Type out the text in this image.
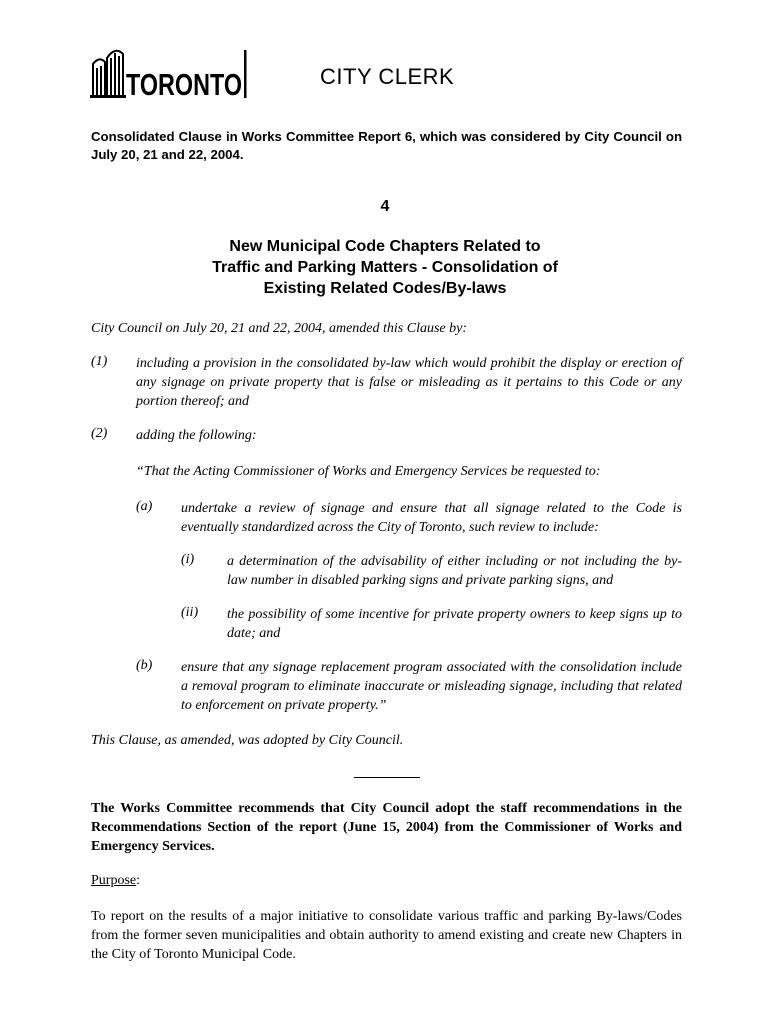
TORONTO	CITY CLERK
Consolidated Clause in Works Committee Report 6, which was considered by City Council on July 20, 21 and 22, 2004.
4
New Municipal Code Chapters Related to
Traffic and Parking Matters - Consolidation of
Existing Related Codes/By-laws
City Council on July 20, 21 and 22, 2004, amended this Clause by:
(1) including a provision in the consolidated by-law which would prohibit the display or erection of any signage on private property that is false or misleading as it pertains to this Code or any portion thereof; and
(2) adding the following:
“That the Acting Commissioner of Works and Emergency Services be requested to:
(a) undertake a review of signage and ensure that all signage related to the Code is eventually standardized across the City of Toronto, such review to include:
(i) a determination of the advisability of either including or not including the by-law number in disabled parking signs and private parking signs, and
(ii) the possibility of some incentive for private property owners to keep signs up to date; and
(b) ensure that any signage replacement program associated with the consolidation include a removal program to eliminate inaccurate or misleading signage, including that related to enforcement on private property.”
This Clause, as amended, was adopted by City Council.
The Works Committee recommends that City Council adopt the staff recommendations in the Recommendations Section of the report (June 15, 2004) from the Commissioner of Works and Emergency Services.
Purpose:
To report on the results of a major initiative to consolidate various traffic and parking By-laws/Codes from the former seven municipalities and obtain authority to amend existing and create new Chapters in the City of Toronto Municipal Code.
